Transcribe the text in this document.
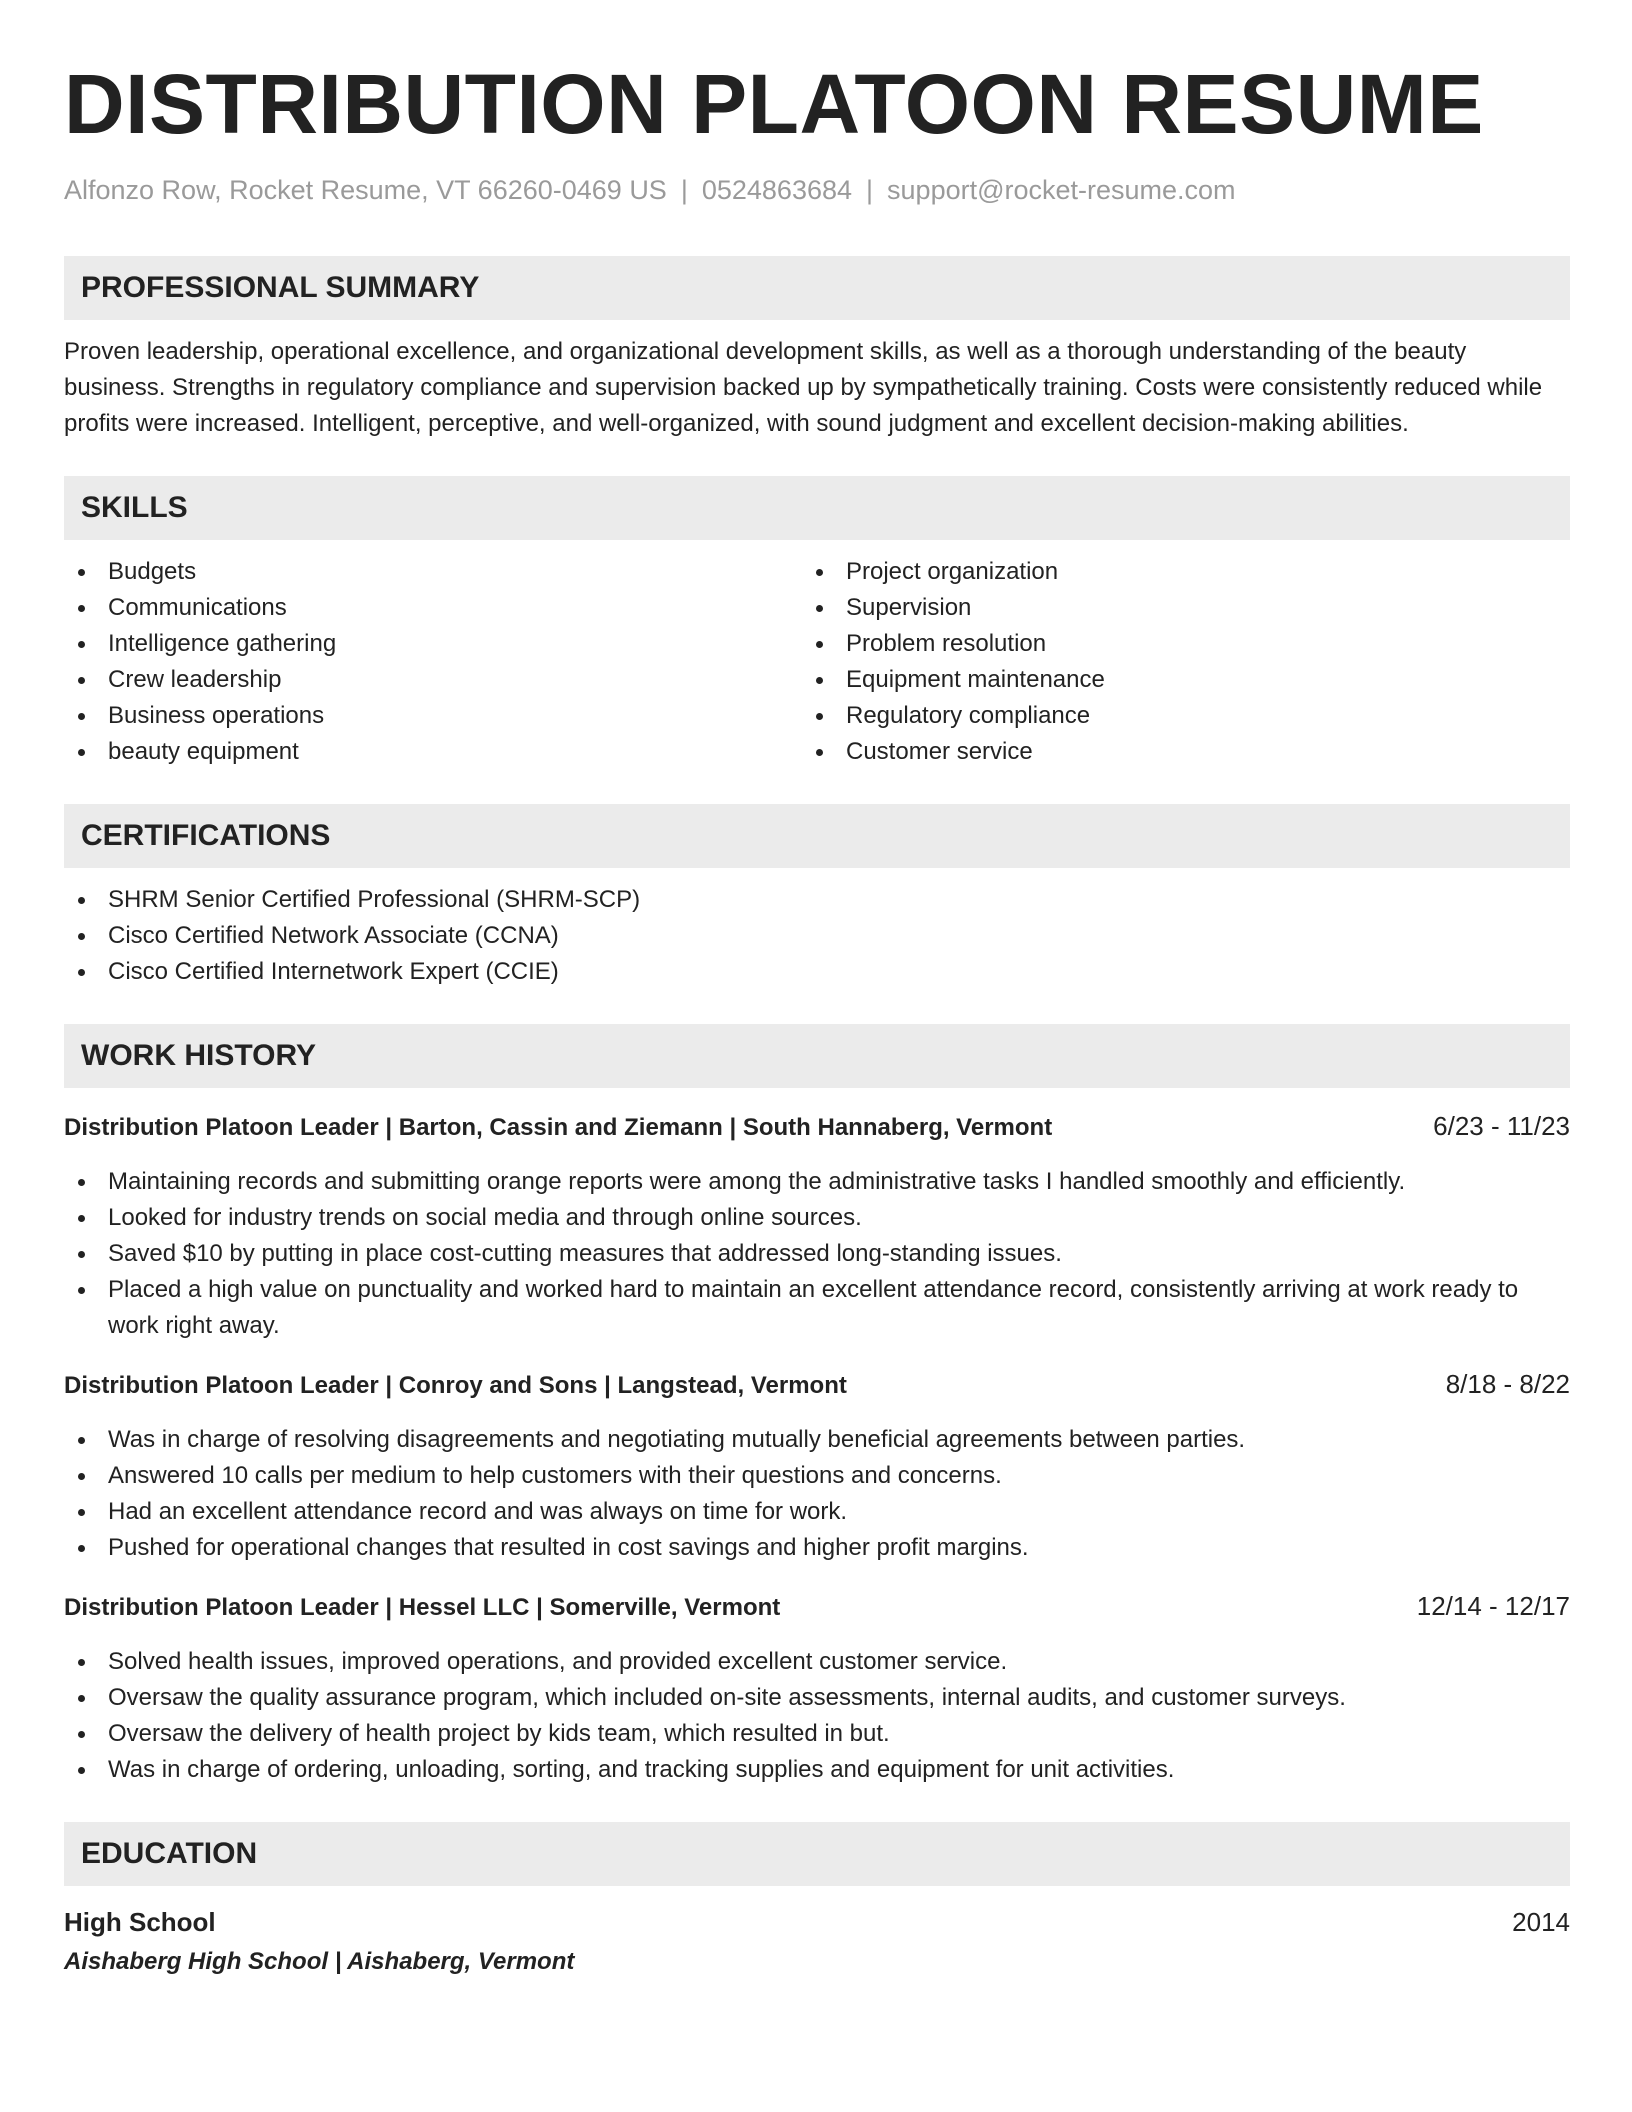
DISTRIBUTION PLATOON RESUME
Alfonzo Row, Rocket Resume, VT 66260-0469 US | 0524863684 | support@rocket-resume.com
PROFESSIONAL SUMMARY
Proven leadership, operational excellence, and organizational development skills, as well as a thorough understanding of the beauty business. Strengths in regulatory compliance and supervision backed up by sympathetically training. Costs were consistently reduced while profits were increased. Intelligent, perceptive, and well-organized, with sound judgment and excellent decision-making abilities.
SKILLS
Budgets
Communications
Intelligence gathering
Crew leadership
Business operations
beauty equipment
Project organization
Supervision
Problem resolution
Equipment maintenance
Regulatory compliance
Customer service
CERTIFICATIONS
SHRM Senior Certified Professional (SHRM-SCP)
Cisco Certified Network Associate (CCNA)
Cisco Certified Internetwork Expert (CCIE)
WORK HISTORY
Distribution Platoon Leader | Barton, Cassin and Ziemann | South Hannaberg, Vermont	6/23 - 11/23
Maintaining records and submitting orange reports were among the administrative tasks I handled smoothly and efficiently.
Looked for industry trends on social media and through online sources.
Saved $10 by putting in place cost-cutting measures that addressed long-standing issues.
Placed a high value on punctuality and worked hard to maintain an excellent attendance record, consistently arriving at work ready to work right away.
Distribution Platoon Leader | Conroy and Sons | Langstead, Vermont	8/18 - 8/22
Was in charge of resolving disagreements and negotiating mutually beneficial agreements between parties.
Answered 10 calls per medium to help customers with their questions and concerns.
Had an excellent attendance record and was always on time for work.
Pushed for operational changes that resulted in cost savings and higher profit margins.
Distribution Platoon Leader | Hessel LLC | Somerville, Vermont	12/14 - 12/17
Solved health issues, improved operations, and provided excellent customer service.
Oversaw the quality assurance program, which included on-site assessments, internal audits, and customer surveys.
Oversaw the delivery of health project by kids team, which resulted in but.
Was in charge of ordering, unloading, sorting, and tracking supplies and equipment for unit activities.
EDUCATION
High School	2014
Aishaberg High School | Aishaberg, Vermont
